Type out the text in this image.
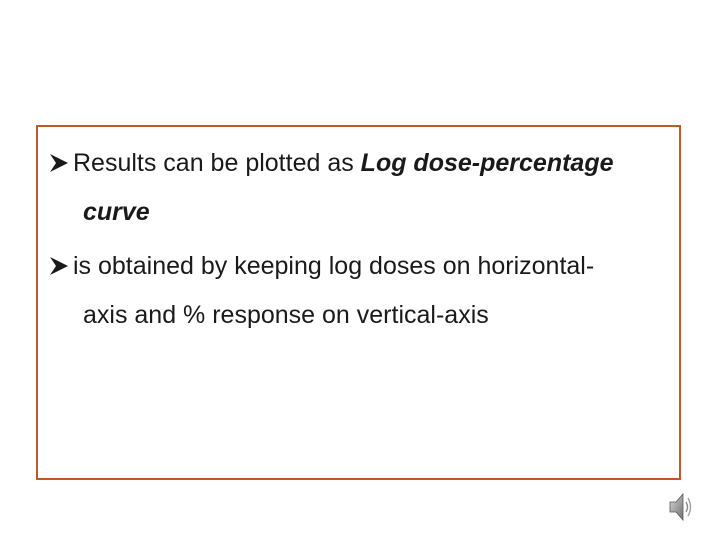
Results can be plotted as Log dose-percentage
curve
is obtained by keeping log doses on horizontal-
axis and % response on vertical-axis
